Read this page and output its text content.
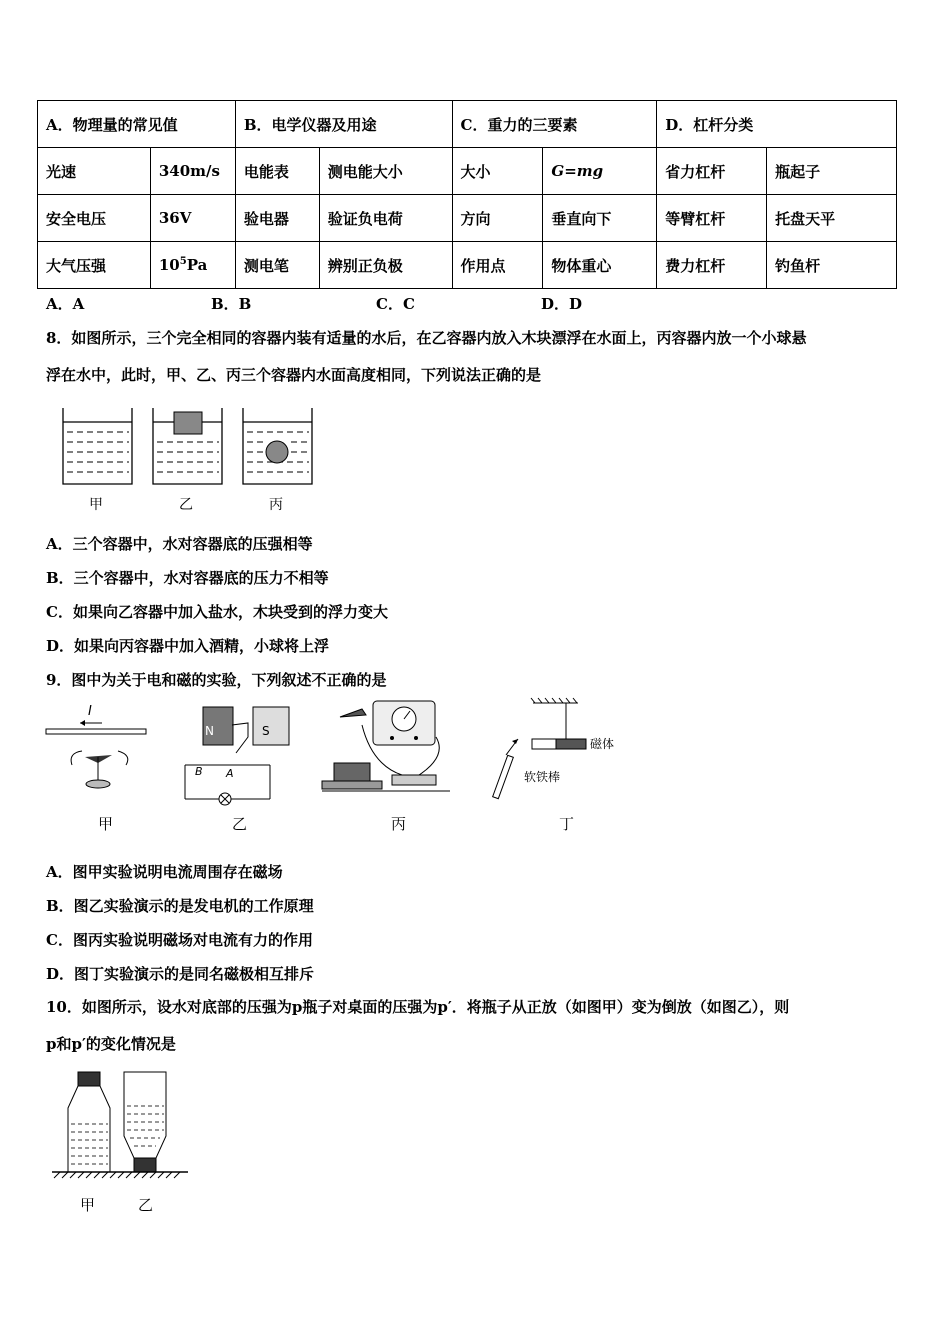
A．物理量的常见值		B．电学仪器及用途		C．重力的三要素		D．杠杆分类	
光速	340m/s	电能表	测电能大小	大小	G=mg	省力杠杆	瓶起子
安全电压	36V	验电器	验证负电荷	方向	垂直向下	等臂杠杆	托盘天平
大气压强	$10^5Pa$	测电笔	辨别正负极	作用点	物体重心	费力杠杆	钓鱼杆
A．A	B．B	C．C	D．D
8．如图所示，三个完全相同的容器内装有适量的水后，在乙容器内放入木块漂浮在水面上，丙容器内放一个小球悬
浮在水中，此时，甲、乙、丙三个容器内水面高度相同，下列说法正确的是
甲	乙	丙
A．三个容器中，水对容器底的压强相等
B．三个容器中，水对容器底的压力不相等
C．如果向乙容器中加入盐水，木块受到的浮力变大
D．如果向丙容器中加入酒精，小球将上浮
9．图中为关于电和磁的实验，下列叙述不正确的是
I
N	S
B A
磁体
软铁棒
甲	乙	丙	丁
A．图甲实验说明电流周围存在磁场
B．图乙实验演示的是发电机的工作原理
C．图丙实验说明磁场对电流有力的作用
D．图丁实验演示的是同名磁极相互排斥
10．如图所示，设水对底部的压强为p瓶子对桌面的压强为p′．将瓶子从正放（如图甲）变为倒放（如图乙），则
p和p′的变化情况是
甲	乙
